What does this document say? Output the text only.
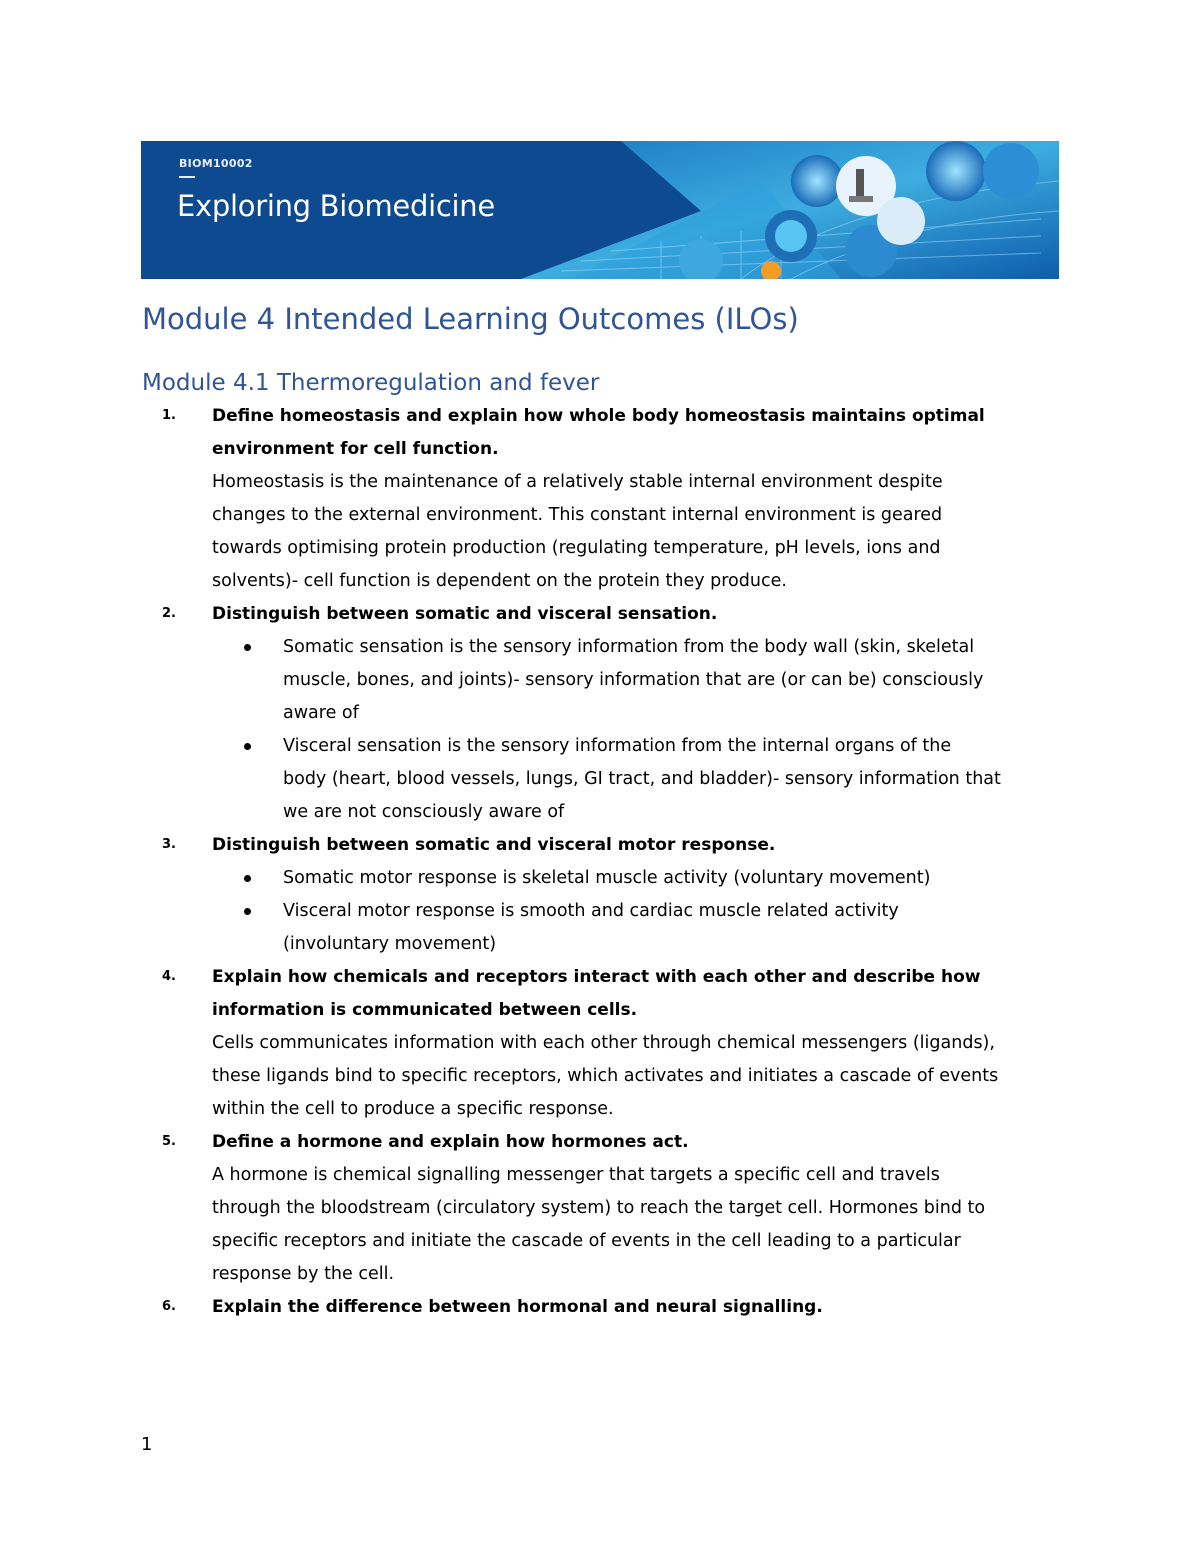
BIOM10002
Exploring Biomedicine
Module 4 Intended Learning Outcomes (ILOs)
Module 4.1 Thermoregulation and fever
1. Define homeostasis and explain how whole body homeostasis maintains optimal
environment for cell function.
Homeostasis is the maintenance of a relatively stable internal environment despite
changes to the external environment. This constant internal environment is geared
towards optimising protein production (regulating temperature, pH levels, ions and
solvents)- cell function is dependent on the protein they produce.
2. Distinguish between somatic and visceral sensation.
Somatic sensation is the sensory information from the body wall (skin, skeletal
muscle, bones, and joints)- sensory information that are (or can be) consciously
aware of
Visceral sensation is the sensory information from the internal organs of the
body (heart, blood vessels, lungs, GI tract, and bladder)- sensory information that
we are not consciously aware of
3. Distinguish between somatic and visceral motor response.
Somatic motor response is skeletal muscle activity (voluntary movement)
Visceral motor response is smooth and cardiac muscle related activity
(involuntary movement)
4. Explain how chemicals and receptors interact with each other and describe how
information is communicated between cells.
Cells communicates information with each other through chemical messengers (ligands),
these ligands bind to specific receptors, which activates and initiates a cascade of events
within the cell to produce a specific response.
5. Define a hormone and explain how hormones act.
A hormone is chemical signalling messenger that targets a specific cell and travels
through the bloodstream (circulatory system) to reach the target cell. Hormones bind to
specific receptors and initiate the cascade of events in the cell leading to a particular
response by the cell.
6. Explain the difference between hormonal and neural signalling.
1
